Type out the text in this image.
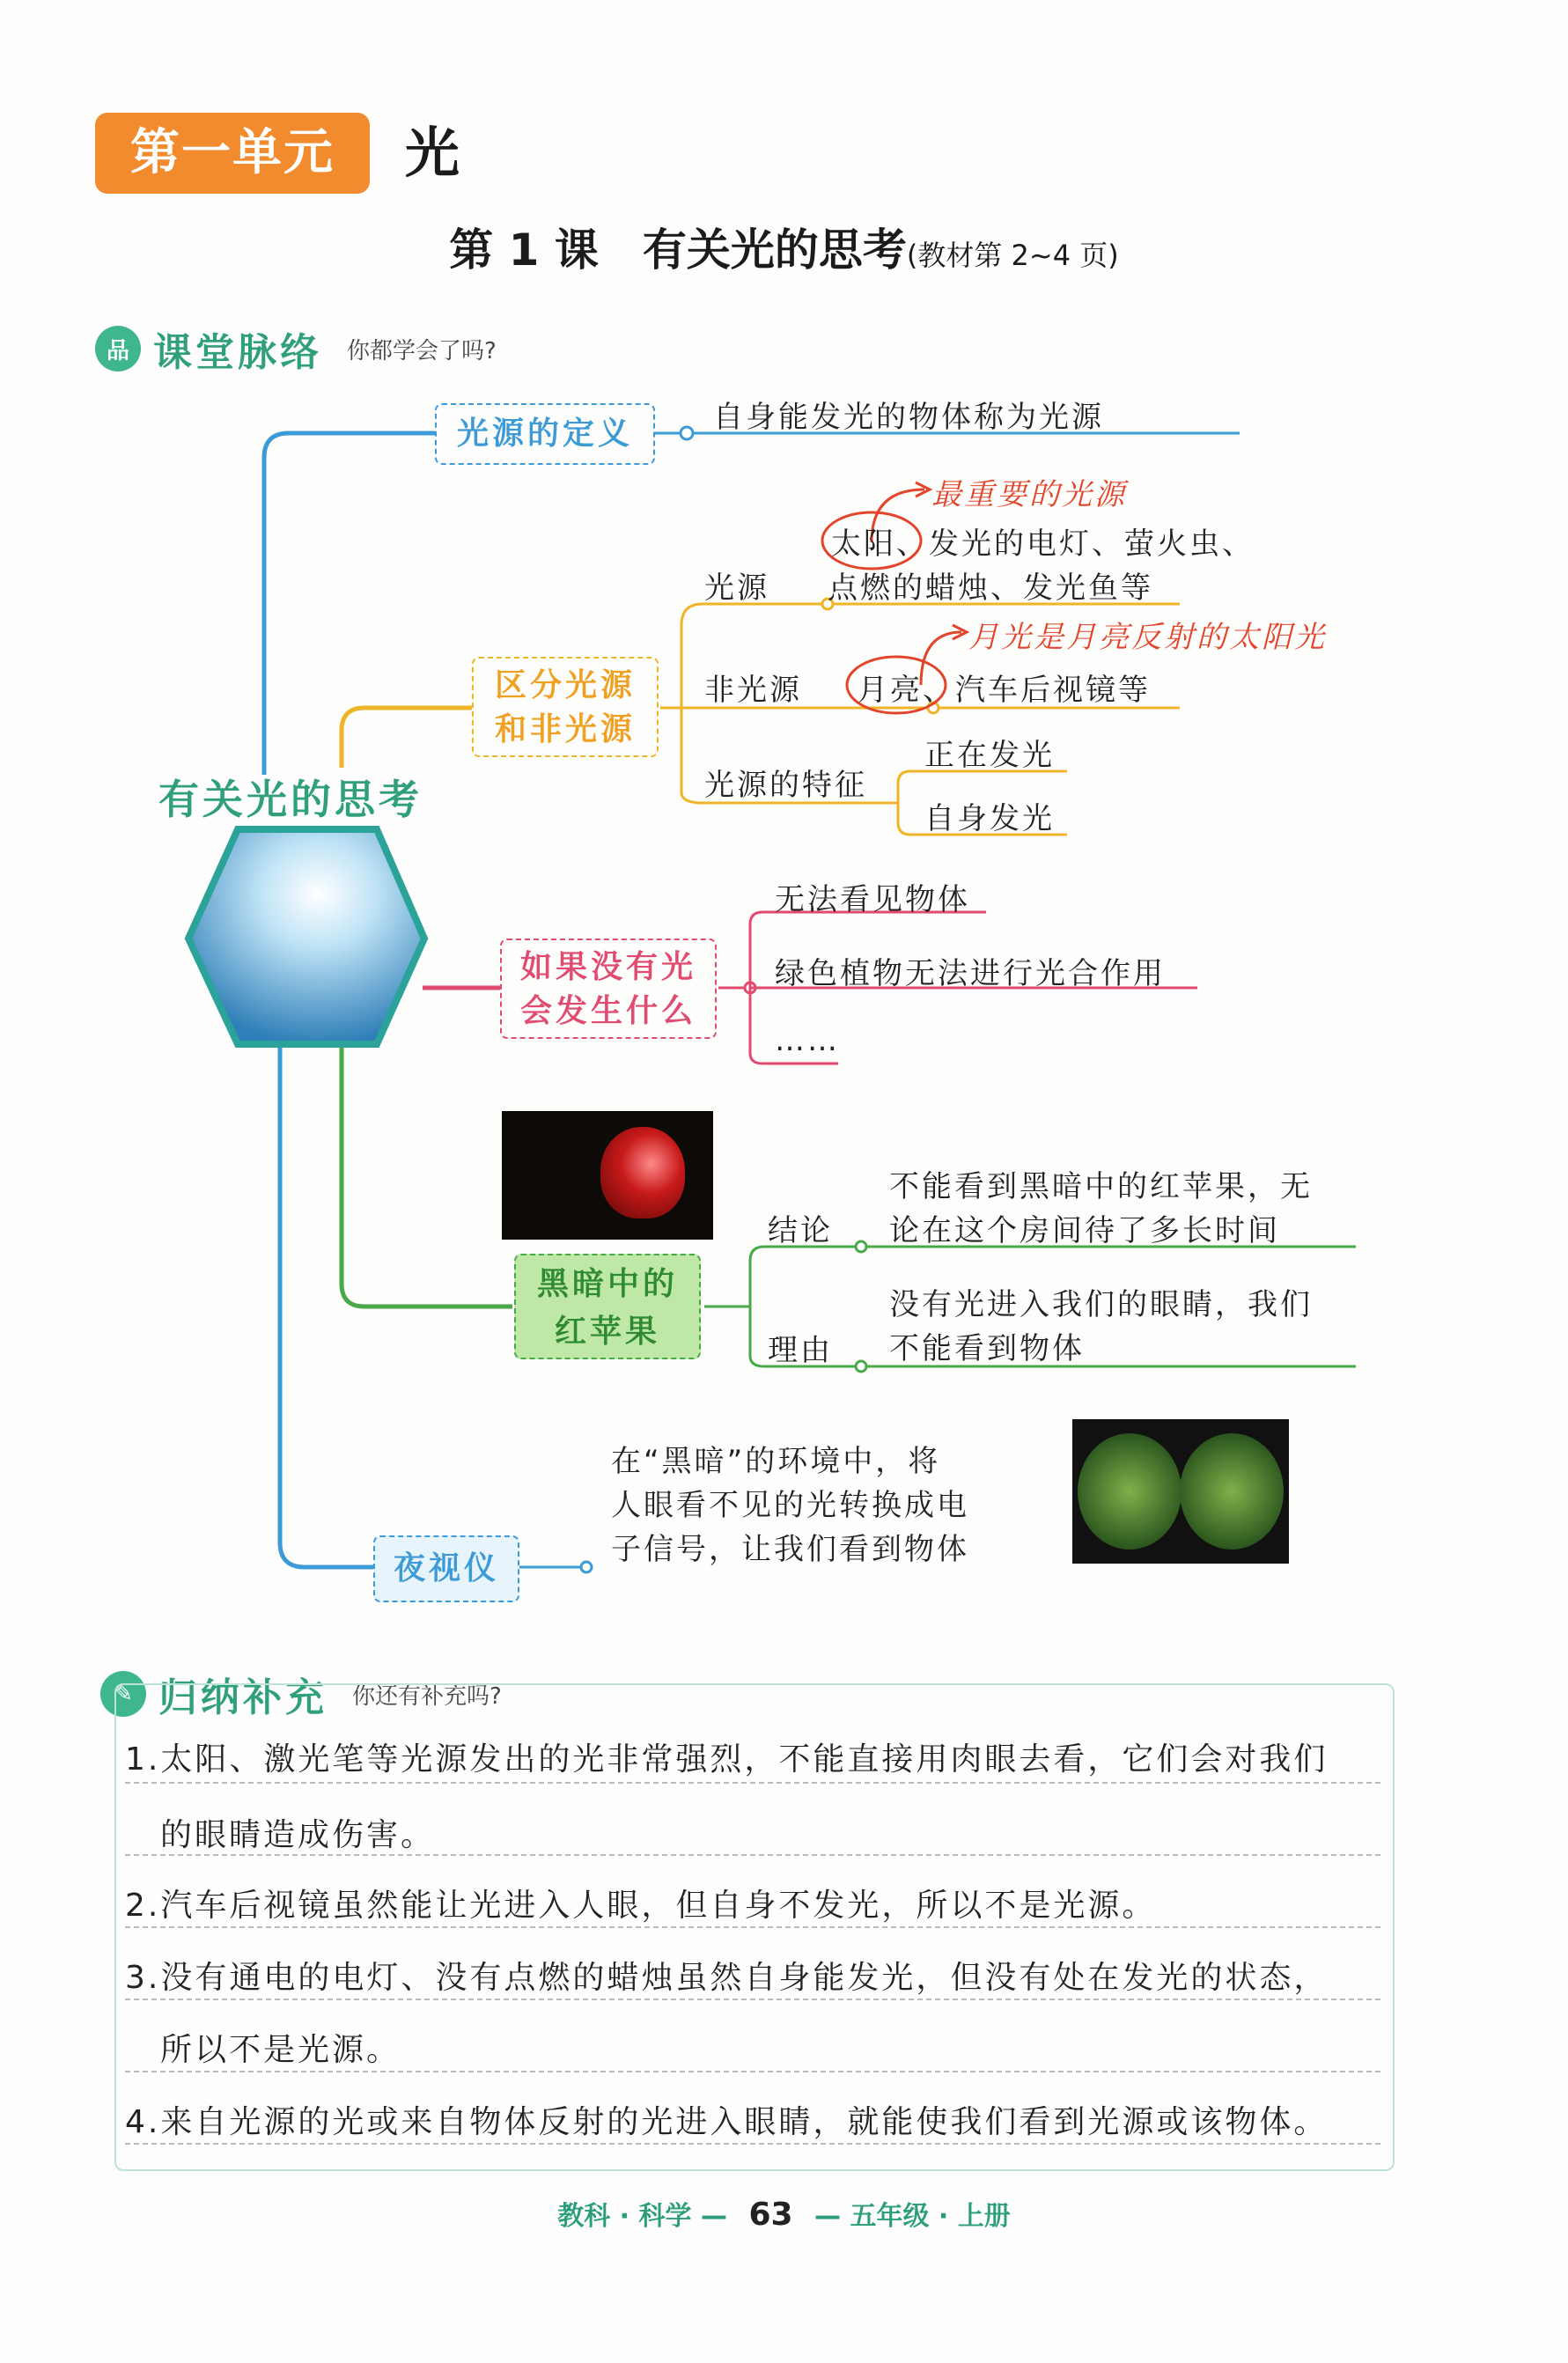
第一单元	光
第 1 课　有关光的思考(教材第 2~4 页)
品 课堂脉络 你都学会了吗?
有关光的思考
光源的定义	自身能发光的物体称为光源
区分光源
和非光源
光源
最重要的光源
太阳、发光的电灯、萤火虫、
点燃的蜡烛、发光鱼等
非光源
月光是月亮反射的太阳光
月亮、汽车后视镜等
光源的特征
正在发光
自身发光
如果没有光
会发生什么
无法看见物体
绿色植物无法进行光合作用
……
黑暗中的
红苹果
结论
不能看到黑暗中的红苹果，无
论在这个房间待了多长时间
理由
没有光进入我们的眼睛，我们
不能看到物体
夜视仪
在“黑暗”的环境中，将
人眼看不见的光转换成电
子信号，让我们看到物体
✎ 归纳补充 你还有补充吗?
1.太阳、激光笔等光源发出的光非常强烈，不能直接用肉眼去看，它们会对我们
的眼睛造成伤害。
2.汽车后视镜虽然能让光进入人眼，但自身不发光，所以不是光源。
3.没有通电的电灯、没有点燃的蜡烛虽然自身能发光，但没有处在发光的状态，
所以不是光源。
4.来自光源的光或来自物体反射的光进入眼睛，就能使我们看到光源或该物体。
教科 · 科学 — 63 — 五年级 · 上册
